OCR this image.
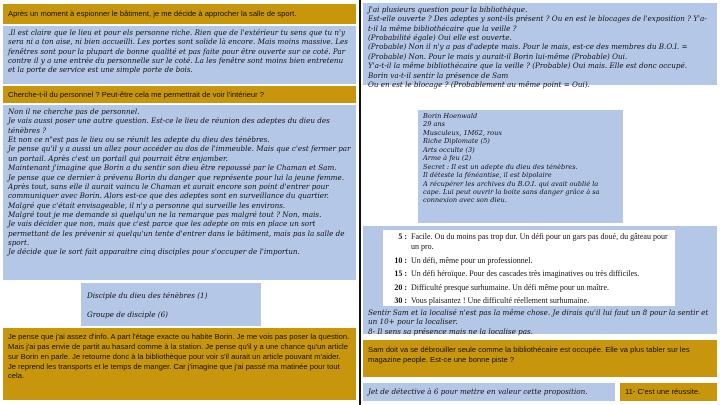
Après un moment à espionner le bâtiment, je me décide à approcher la salle de sport.
.Il est claire que le lieu et pour els personne riche. Rien que de l'extérieur tu sens que tu n'y sera ni a ton aise, ni bien accueilli. Les portes sont solide là encore. Mais moins massive. Les fenêtres sont pour la plupart de bonne qualité et pas faite pour être ouverte sur ce coté. Par contre il y a une entrée du personnelle sur le coté. La les fenêtre sont moins bien entretenu et la porte de service est une simple porte de bois.
Cherche-t-il du personnel ? Peut-être cela me permettrait de voir l'intérieur ?
Non il ne cherche pas de personnel.
Je vais aussi poser une autre question. Est-ce le lieu de réunion des adeptes du dieu des ténèbres ?
Et non ce n"est pas le lieu ou se réunit les adepte du dieu des ténèbres.
Je pense qu'il y a aussi un allez pour accéder au dos de l'immeuble. Mais que c'est fermer par un portail. Après c'est un portail qui pourrait être enjamber.
Maintenant j'imagine que Borin a du sentir son dieu être repoussé par le Chaman et Sam.
Je pense que ce dernier à prévenu Borin du danger que représente pour lui la jeune femme. Après tout, sans elle il aurait vaincu le Chaman et aurait encore son point d'entrer pour communiquer avec Borin. Alors est-ce que des adeptes sont en surveillance du quartier.
Malgré que c'était envisageable, il n'y a personne qui surveille les environs.
Malgré tout je me demande si quelqu'un ne la remarque pas malgré tout ? Non, mais.
Je vais décider que non, mais que c'est parce que les adepte on mis en place un sort permettant de les prévenir si quelqu'un tente d'entrer dans le bâtiment, mais pas la salle de sport.
Je décide que le sort fait apparaitre cinq disciples pour s'occuper de l'importun.
Disciple du dieu des ténèbres (1)
Groupe de disciple (6)
Je pense que j'ai assez d'info. A part l'étage exacte ou habite Borin. Je me vois pas poser la question. Mais j'ai pas envie de partit au hasard comme à la station. Je pense qu'il y a une chance qu'un article sur Borin en parle. Je retourne donc à la bibliothèque pour voir s'il aurait un article pouvant m'aider.
Je reprend les transports et le temps de manger. Car j'imagine que j'ai passé ma matinée pour tout cela.
J'ai plusieurs question pour la bibliothèque.
Est-elle ouverte ? Des adeptes y sont-ils présent ? Ou en est le blocages de l'exposition ? Y'a-t-il la même bibliothécaire que la veille ?
(Probabilité égale) Oui elle est ouverte.
(Probable) Non il n'y a pas d'adepte mais. Pour le mais, est-ce des membres du B.O.I. = (Probable) Non. Pour le mais y aurait-il Borin lui-même (Probable) Oui.
Y'a-t-il la même bibliothécaire que la veille ? (Probable) Oui mais. Elle est donc occupé.
Borin va-t-il sentir la présence de Sam
Ou en est le blocage ? (Probablement au même point = Oui).
Borin Hoenwald
29 ans
Musculeux, 1M62, roux
Riche Diplomate (5)
Arts occulte (3)
Arme à feu (2)
Secret : Il est un adepte du dieu des ténèbres.
Il déteste la fénéantise, il est bipolaire
A récupérer les archives du B.O.I. qui avait oublié la cape. Lui peut ouvrir la boite sans danger grâce à sa connexion avec son dieu.
5 : Facile. Ou du moins pas trop dur. Un défi pour un gars pas doué, du gâteau pour un pro.
10 : Un défi, même pour un professionnel.
15 : Un défi héroïque. Pour des cascades très imaginatives ou très difficiles.
20 : Difficulté presque surhumaine. Un défi même pour un maître.
30 : Vous plaisantez ! Une difficulté réellement surhumaine.
Sentir Sam et la localisé n'est pas la même chose. Je dirais qu'il lui faut un 8 pour la sentir et un 10+ pour la localiser.
8- Il sens sa présence mais ne la localise pas.
Sam doit va se débrouiller seule comme la bibliothécaire est occupée. Elle va plus tabler sur les magazine people. Est-ce une bonne piste ?
Jet de détective à 6 pour mettre en valeur cette proposition.	11- C'est une réussite.
